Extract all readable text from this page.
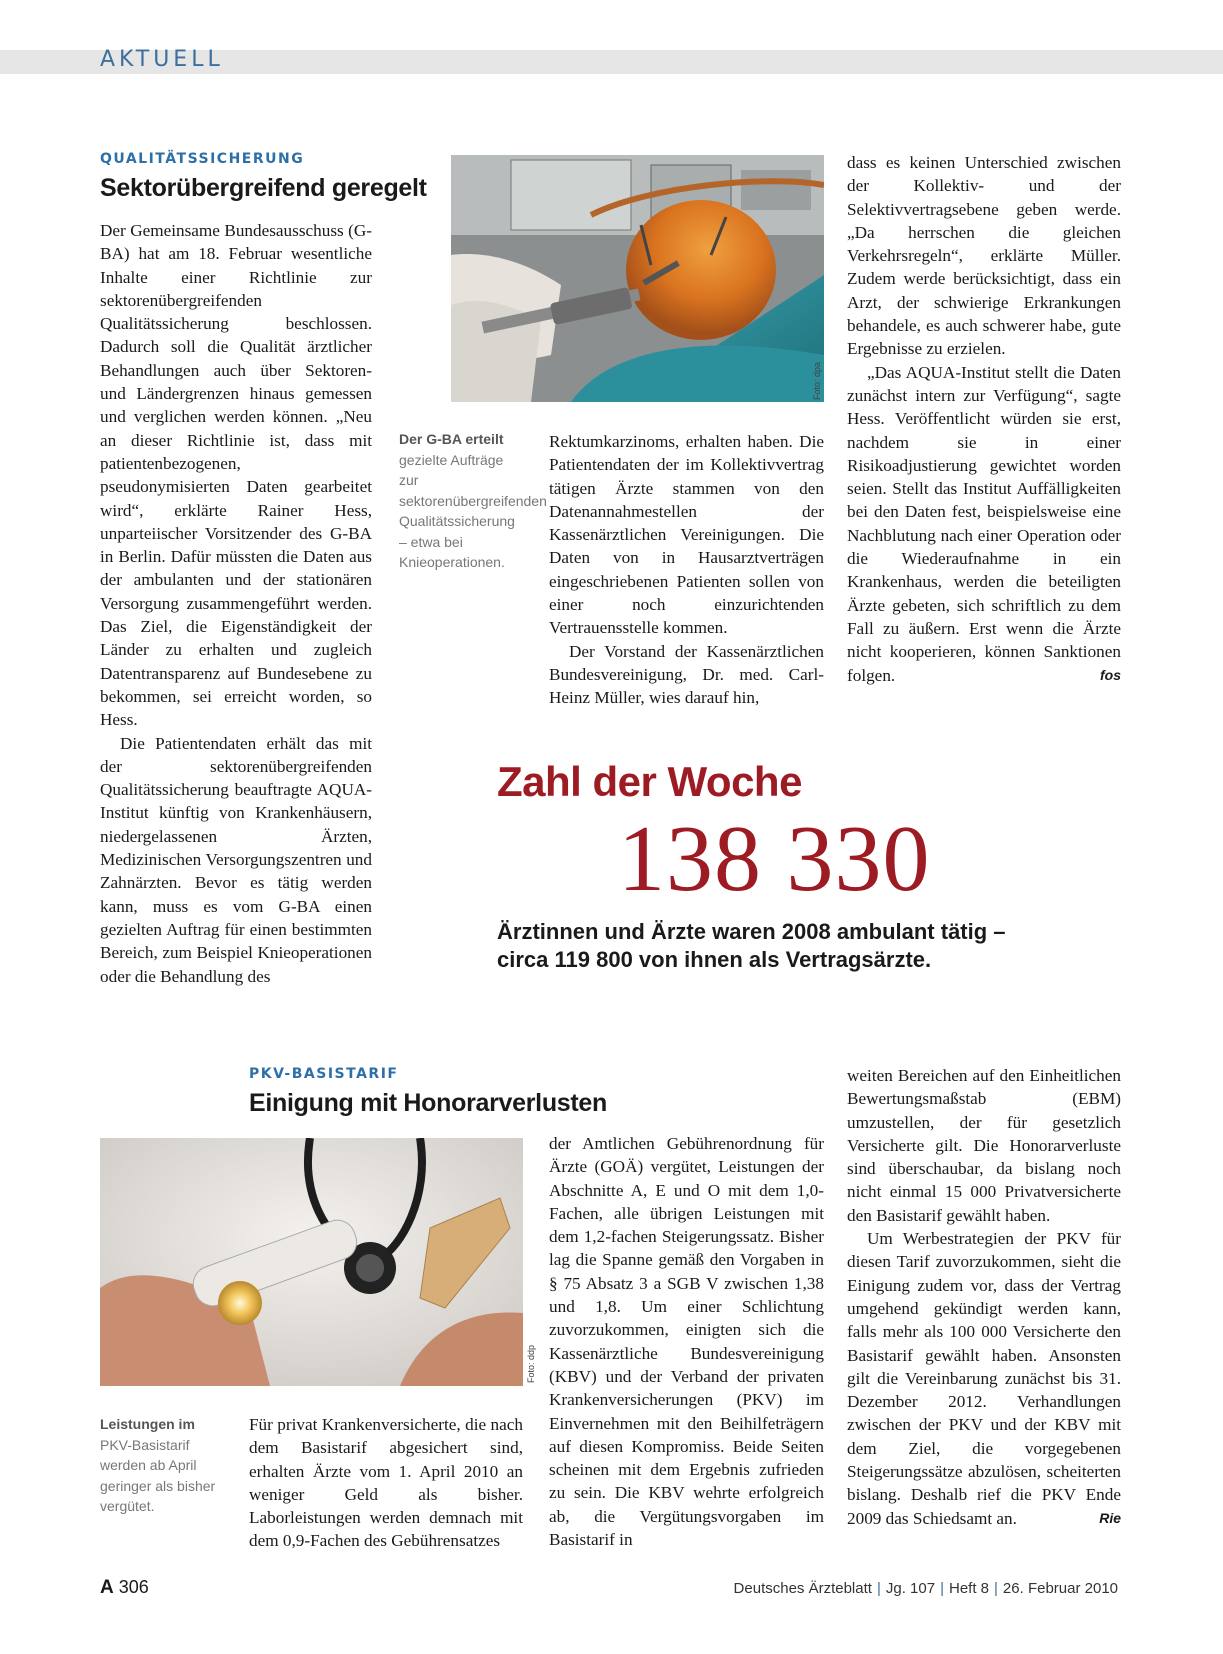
AKTUELL
QUALITÄTSSICHERUNG
Sektorübergreifend geregelt

Der Gemeinsame Bundesausschuss (G-BA) hat am 18. Februar wesentliche Inhalte einer Richtlinie zur sektorenübergreifenden Qualitätssicherung beschlossen. Dadurch soll die Qualität ärztlicher Behandlungen auch über Sektoren- und Ländergrenzen hinaus gemessen und verglichen werden können. „Neu an dieser Richtlinie ist, dass mit patientenbezogenen, pseudonymisierten Daten gearbeitet wird“, erklärte Rainer Hess, unparteiischer Vorsitzender des G-BA in Berlin. Dafür müssten die Daten aus der ambulanten und der stationären Versorgung zusammengeführt werden. Das Ziel, die Eigenständigkeit der Länder zu erhalten und zugleich Datentransparenz auf Bundesebene zu bekommen, sei erreicht worden, so Hess.

Die Patientendaten erhält das mit der sektorenübergreifenden Qualitätssicherung beauftragte AQUA-Institut künftig von Krankenhäusern, niedergelassenen Ärzten, Medizinischen Versorgungszentren und Zahnärzten. Bevor es tätig werden kann, muss es vom G-BA einen gezielten Auftrag für einen bestimmten Bereich, zum Beispiel Knieoperationen oder die Behandlung des

Foto: dpa
Der G-BA erteilt gezielte Aufträge zur sektorenübergreifenden Qualitätssicherung – etwa bei Knieoperationen.

Rektumkarzinoms, erhalten haben. Die Patientendaten der im Kollektivvertrag tätigen Ärzte stammen von den Datenannahmestellen der Kassenärztlichen Vereinigungen. Die Daten von in Hausarztverträgen eingeschriebenen Patienten sollen von einer noch einzurichtenden Vertrauensstelle kommen.

Der Vorstand der Kassenärztlichen Bundesvereinigung, Dr. med. Carl-Heinz Müller, wies darauf hin,

dass es keinen Unterschied zwischen der Kollektiv- und der Selektivvertragsebene geben werde. „Da herrschen die gleichen Verkehrsregeln“, erklärte Müller. Zudem werde berücksichtigt, dass ein Arzt, der schwierige Erkrankungen behandele, es auch schwerer habe, gute Ergebnisse zu erzielen.

„Das AQUA-Institut stellt die Daten zunächst intern zur Verfügung“, sagte Hess. Veröffentlicht würden sie erst, nachdem sie in einer Risikoadjustierung gewichtet worden seien. Stellt das Institut Auffälligkeiten bei den Daten fest, beispielsweise eine Nachblutung nach einer Operation oder die Wiederaufnahme in ein Krankenhaus, werden die beteiligten Ärzte gebeten, sich schriftlich zu dem Fall zu äußern. Erst wenn die Ärzte nicht kooperieren, können Sanktionen folgen.	fos

Zahl der Woche
138 330
Ärztinnen und Ärzte waren 2008 ambulant tätig – circa 119 800 von ihnen als Vertragsärzte.
PKV-BASISTARIF
Einigung mit Honorarverlusten
Foto: ddp
Leistungen im PKV-Basistarif werden ab April geringer als bisher vergütet.

Für privat Krankenversicherte, die nach dem Basistarif abgesichert sind, erhalten Ärzte vom 1. April 2010 an weniger Geld als bisher. Laborleistungen werden demnach mit dem 0,9-Fachen des Gebührensatzes

der Amtlichen Gebührenordnung für Ärzte (GOÄ) vergütet, Leistungen der Abschnitte A, E und O mit dem 1,0-Fachen, alle übrigen Leistungen mit dem 1,2-fachen Steigerungssatz. Bisher lag die Spanne gemäß den Vorgaben in § 75 Absatz 3 a SGB V zwischen 1,38 und 1,8. Um einer Schlichtung zuvorzukommen, einigten sich die Kassenärztliche Bundesvereinigung (KBV) und der Verband der privaten Krankenversicherungen (PKV) im Einvernehmen mit den Beihilfeträgern auf diesen Kompromiss. Beide Seiten scheinen mit dem Ergebnis zufrieden zu sein. Die KBV wehrte erfolgreich ab, die Vergütungsvorgaben im Basistarif in

weiten Bereichen auf den Einheitlichen Bewertungsmaßstab (EBM) umzustellen, der für gesetzlich Versicherte gilt. Die Honorarverluste sind überschaubar, da bislang noch nicht einmal 15 000 Privatversicherte den Basistarif gewählt haben.

Um Werbestrategien der PKV für diesen Tarif zuvorzukommen, sieht die Einigung zudem vor, dass der Vertrag umgehend gekündigt werden kann, falls mehr als 100 000 Versicherte den Basistarif gewählt haben. Ansonsten gilt die Vereinbarung zunächst bis 31. Dezember 2012. Verhandlungen zwischen der PKV und der KBV mit dem Ziel, die vorgegebenen Steigerungssätze abzulösen, scheiterten bislang. Deshalb rief die PKV Ende 2009 das Schiedsamt an.	Rie

A 306	Deutsches Ärzteblatt | Jg. 107 | Heft 8 | 26. Februar 2010
